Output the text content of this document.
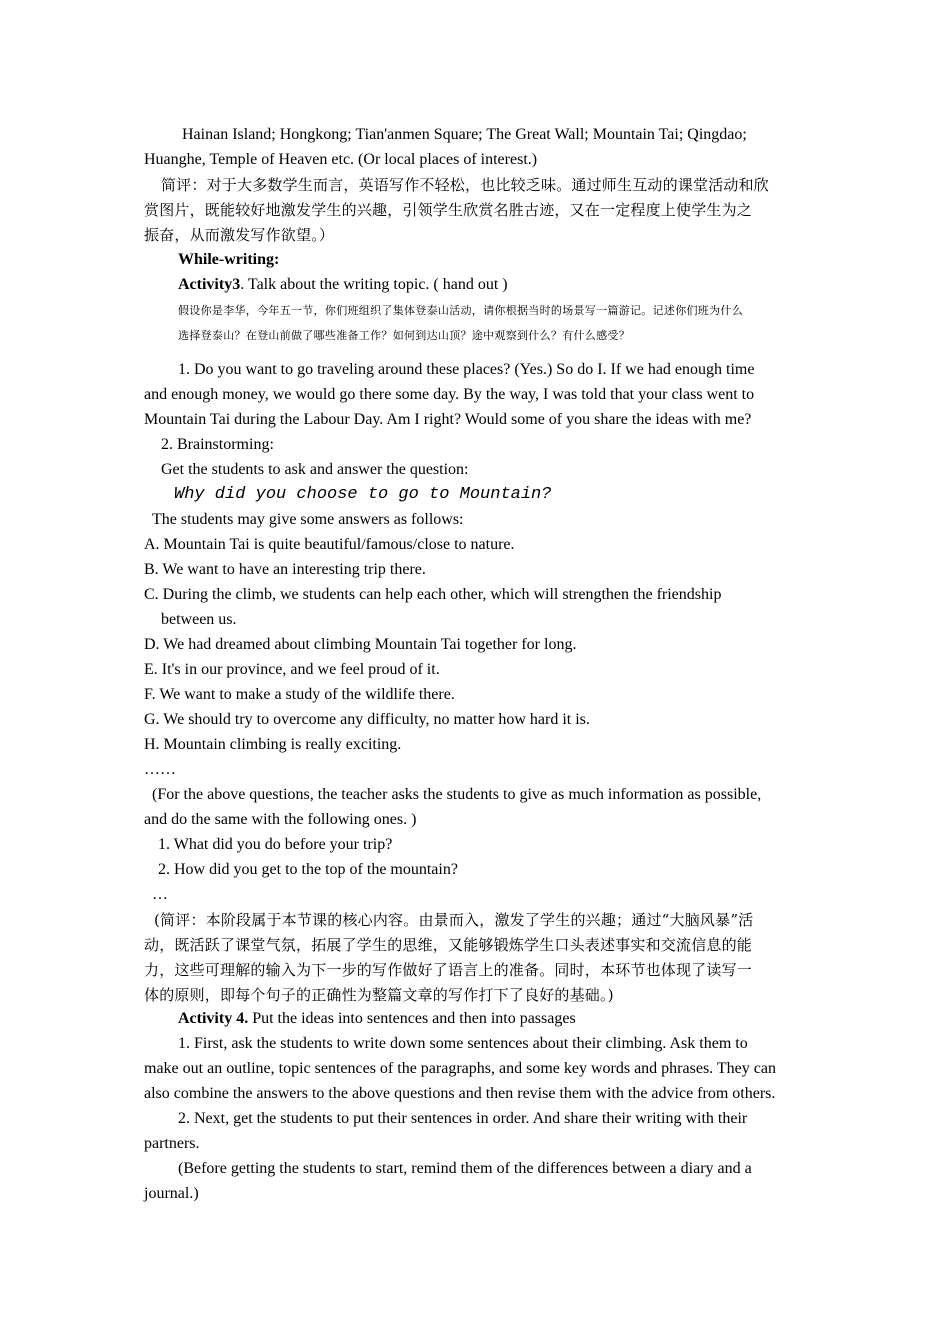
Hainan Island; Hongkong; Tian'anmen Square; The Great Wall; Mountain Tai; Qingdao;
Huanghe, Temple of Heaven etc. (Or local places of interest.)
简评：对于大多数学生而言，英语写作不轻松，也比较乏味。通过师生互动的课堂活动和欣
赏图片，既能较好地激发学生的兴趣，引领学生欣赏名胜古迹，又在一定程度上使学生为之
振奋，从而激发写作欲望。）
While-writing:
Activity3. Talk about the writing topic. ( hand out )
假设你是李华，今年五一节，你们班组织了集体登泰山活动，请你根据当时的场景写一篇游记。记述你们班为什么
选择登泰山？在登山前做了哪些准备工作？如何到达山顶？途中观察到什么？有什么感受？
1. Do you want to go traveling around these places? (Yes.) So do I. If we had enough time
and enough money, we would go there some day. By the way, I was told that your class went to
Mountain Tai during the Labour Day. Am I right? Would some of you share the ideas with me?
2. Brainstorming:
Get the students to ask and answer the question:
Why did you choose to go to Mountain?
The students may give some answers as follows:
A. Mountain Tai is quite beautiful/famous/close to nature.
B. We want to have an interesting trip there.
C. During the climb, we students can help each other, which will strengthen the friendship
between us.
D. We had dreamed about climbing Mountain Tai together for long.
E. It's in our province, and we feel proud of it.
F. We want to make a study of the wildlife there.
G. We should try to overcome any difficulty, no matter how hard it is.
H. Mountain climbing is really exciting.
……
(For the above questions, the teacher asks the students to give as much information as possible,
and do the same with the following ones. )
1. What did you do before your trip?
2. How did you get to the top of the mountain?
…
(简评：本阶段属于本节课的核心内容。由景而入，激发了学生的兴趣；通过“大脑风暴”活
动，既活跃了课堂气氛，拓展了学生的思维，又能够锻炼学生口头表述事实和交流信息的能
力，这些可理解的输入为下一步的写作做好了语言上的准备。同时，本环节也体现了读写一
体的原则，即每个句子的正确性为整篇文章的写作打下了良好的基础。)
Activity 4. Put the ideas into sentences and then into passages
1. First, ask the students to write down some sentences about their climbing. Ask them to
make out an outline, topic sentences of the paragraphs, and some key words and phrases. They can
also combine the answers to the above questions and then revise them with the advice from others.
2. Next, get the students to put their sentences in order. And share their writing with their
partners.
(Before getting the students to start, remind them of the differences between a diary and a
journal.)
